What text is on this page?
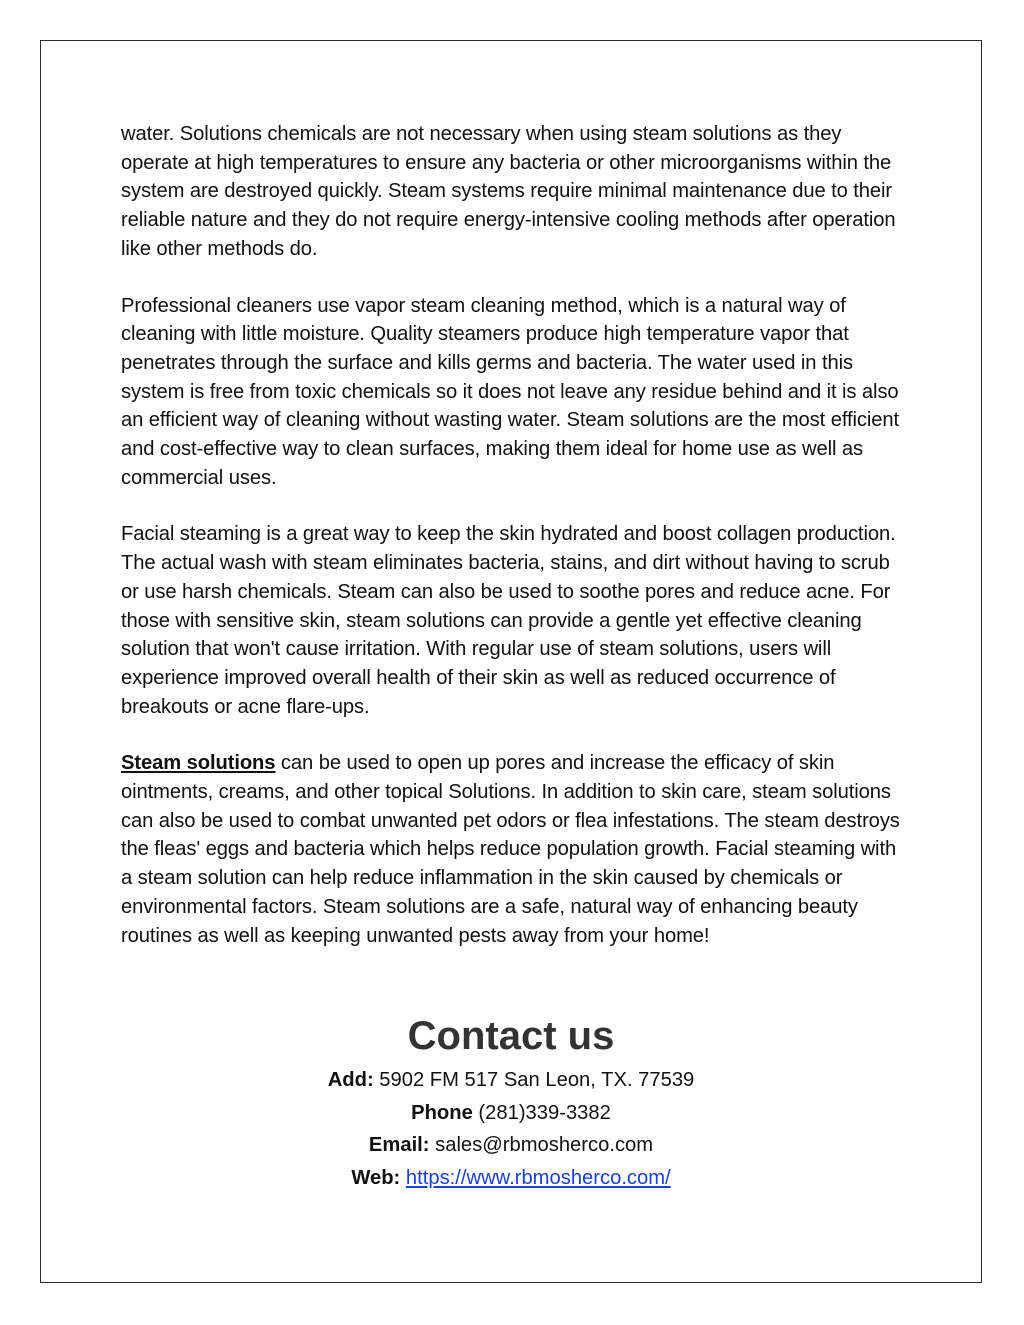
water. Solutions chemicals are not necessary when using steam solutions as they operate at high temperatures to ensure any bacteria or other microorganisms within the system are destroyed quickly. Steam systems require minimal maintenance due to their reliable nature and they do not require energy-intensive cooling methods after operation like other methods do.

Professional cleaners use vapor steam cleaning method, which is a natural way of cleaning with little moisture. Quality steamers produce high temperature vapor that penetrates through the surface and kills germs and bacteria. The water used in this system is free from toxic chemicals so it does not leave any residue behind and it is also an efficient way of cleaning without wasting water. Steam solutions are the most efficient and cost-effective way to clean surfaces, making them ideal for home use as well as commercial uses.

Facial steaming is a great way to keep the skin hydrated and boost collagen production. The actual wash with steam eliminates bacteria, stains, and dirt without having to scrub or use harsh chemicals. Steam can also be used to soothe pores and reduce acne. For those with sensitive skin, steam solutions can provide a gentle yet effective cleaning solution that won't cause irritation. With regular use of steam solutions, users will experience improved overall health of their skin as well as reduced occurrence of breakouts or acne flare-ups.

Steam solutions can be used to open up pores and increase the efficacy of skin ointments, creams, and other topical Solutions. In addition to skin care, steam solutions can also be used to combat unwanted pet odors or flea infestations. The steam destroys the fleas' eggs and bacteria which helps reduce population growth. Facial steaming with a steam solution can help reduce inflammation in the skin caused by chemicals or environmental factors. Steam solutions are a safe, natural way of enhancing beauty routines as well as keeping unwanted pests away from your home!

Contact us

Add: 5902 FM 517 San Leon, TX. 77539

Phone (281)339-3382

Email: sales@rbmosherco.com

Web: https://www.rbmosherco.com/
